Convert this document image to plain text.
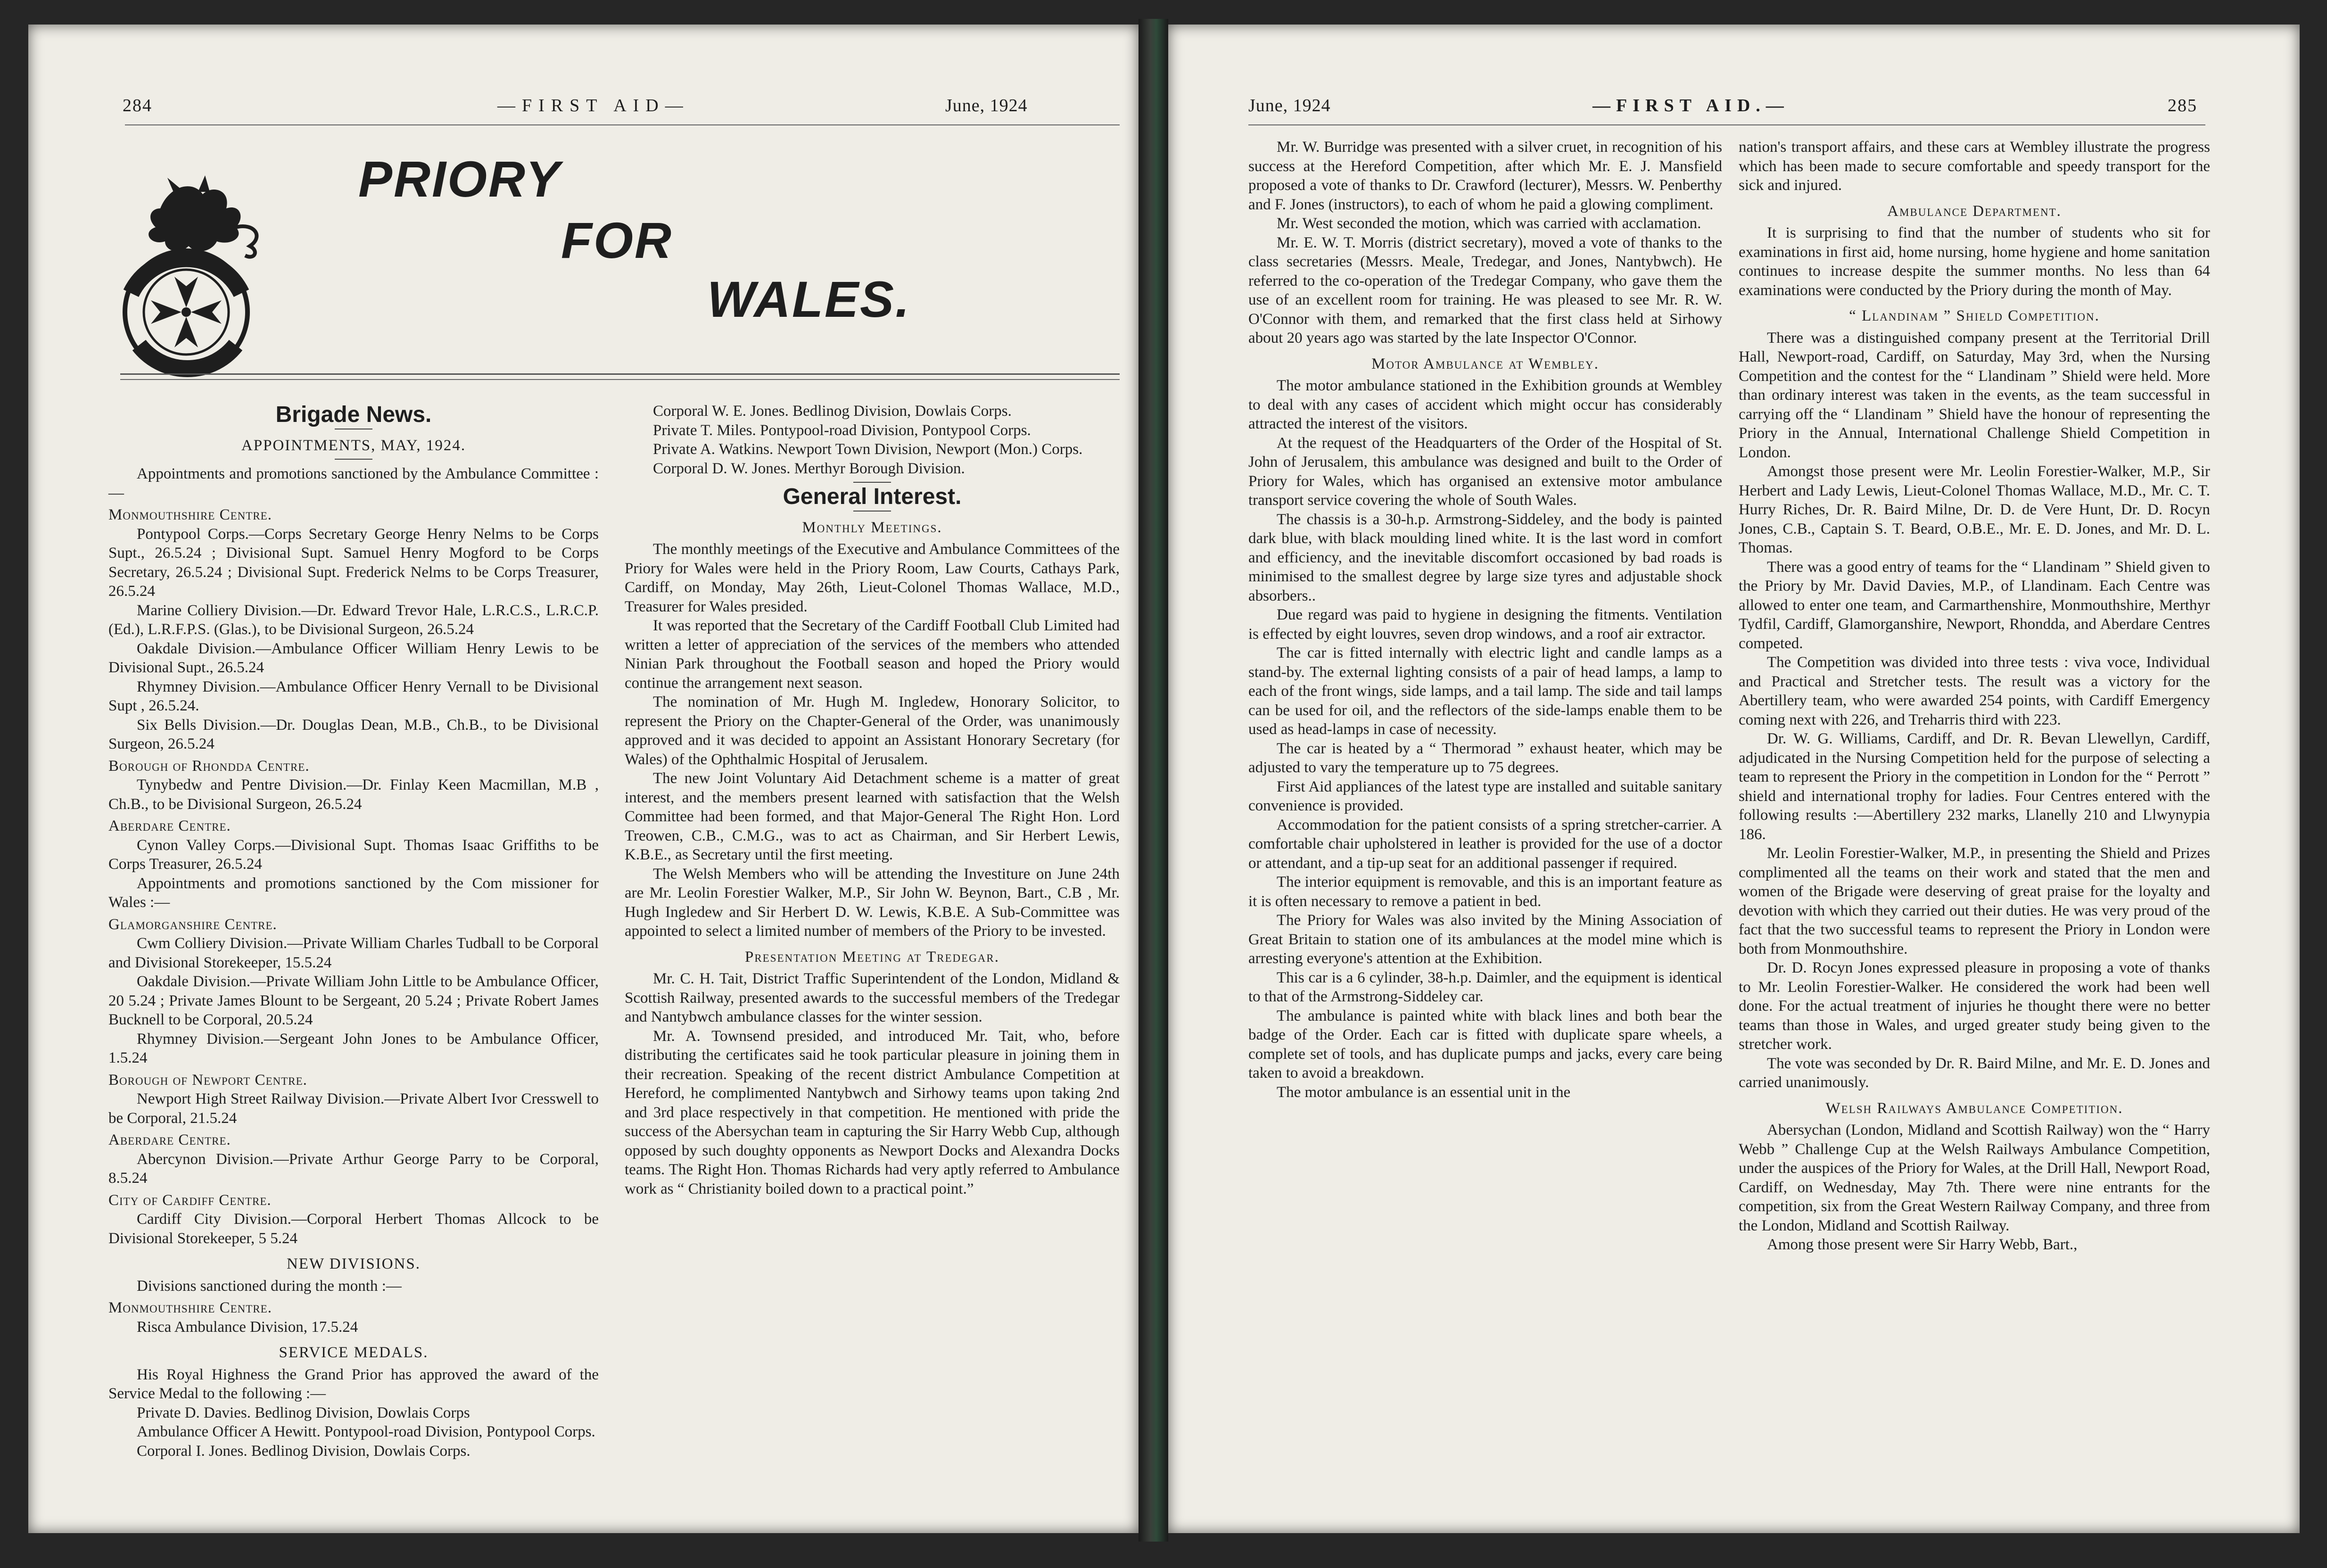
284	—FIRST AID—	June, 1924
PRIORY
FOR
WALES.

Brigade News.

APPOINTMENTS, MAY, 1924.

Appointments and promotions sanctioned by the Ambulance Committee :—

Monmouthshire Centre.

Pontypool Corps.—Corps Secretary George Henry Nelms to be Corps Supt., 26.5.24 ; Divisional Supt. Samuel Henry Mogford to be Corps Secretary, 26.5.24 ; Divisional Supt. Frederick Nelms to be Corps Treasurer, 26.5.24

Marine Colliery Division.—Dr. Edward Trevor Hale, L.R.C.S., L.R.C.P. (Ed.), L.R.F.P.S. (Glas.), to be Divisional Surgeon, 26.5.24

Oakdale Division.—Ambulance Officer William Henry Lewis to be Divisional Supt., 26.5.24

Rhymney Division.—Ambulance Officer Henry Vernall to be Divisional Supt , 26.5.24.

Six Bells Division.—Dr. Douglas Dean, M.B., Ch.B., to be Divisional Surgeon, 26.5.24

Borough of Rhondda Centre.

Tynybedw and Pentre Division.—Dr. Finlay Keen Macmillan, M.B , Ch.B., to be Divisional Surgeon, 26.5.24

Aberdare Centre.

Cynon Valley Corps.—Divisional Supt. Thomas Isaac Griffiths to be Corps Treasurer, 26.5.24

Appointments and promotions sanctioned by the Com missioner for Wales :—

Glamorganshire Centre.

Cwm Colliery Division.—Private William Charles Tudball to be Corporal and Divisional Storekeeper, 15.5.24

Oakdale Division.—Private William John Little to be Ambulance Officer, 20 5.24 ; Private James Blount to be Sergeant, 20 5.24 ; Private Robert James Bucknell to be Corporal, 20.5.24

Rhymney Division.—Sergeant John Jones to be Ambulance Officer, 1.5.24

Borough of Newport Centre.

Newport High Street Railway Division.—Private Albert Ivor Cresswell to be Corporal, 21.5.24

Aberdare Centre.

Abercynon Division.—Private Arthur George Parry to be Corporal, 8.5.24

City of Cardiff Centre.

Cardiff City Division.—Corporal Herbert Thomas Allcock to be Divisional Storekeeper, 5 5.24

NEW DIVISIONS.

Divisions sanctioned during the month :—

Monmouthshire Centre.

Risca Ambulance Division, 17.5.24

SERVICE MEDALS.

His Royal Highness the Grand Prior has approved the award of the Service Medal to the following :—

Private D. Davies. Bedlinog Division, Dowlais Corps

Ambulance Officer A Hewitt. Pontypool-road Division, Pontypool Corps.

Corporal I. Jones. Bedlinog Division, Dowlais Corps.

Corporal W. E. Jones. Bedlinog Division, Dowlais Corps.

Private T. Miles. Pontypool-road Division, Pontypool Corps.

Private A. Watkins. Newport Town Division, Newport (Mon.) Corps.

Corporal D. W. Jones. Merthyr Borough Division.

General Interest.

Monthly Meetings.

The monthly meetings of the Executive and Ambulance Committees of the Priory for Wales were held in the Priory Room, Law Courts, Cathays Park, Cardiff, on Monday, May 26th, Lieut-Colonel Thomas Wallace, M.D., Treasurer for Wales presided.

It was reported that the Secretary of the Cardiff Football Club Limited had written a letter of appreciation of the services of the members who attended Ninian Park throughout the Football season and hoped the Priory would continue the arrangement next season.

The nomination of Mr. Hugh M. Ingledew, Honorary Solicitor, to represent the Priory on the Chapter-General of the Order, was unanimously approved and it was decided to appoint an Assistant Honorary Secretary (for Wales) of the Ophthalmic Hospital of Jerusalem.

The new Joint Voluntary Aid Detachment scheme is a matter of great interest, and the members present learned with satisfaction that the Welsh Committee had been formed, and that Major-General The Right Hon. Lord Treowen, C.B., C.M.G., was to act as Chairman, and Sir Herbert Lewis, K.B.E., as Secretary until the first meeting.

The Welsh Members who will be attending the Investiture on June 24th are Mr. Leolin Forestier Walker, M.P., Sir John W. Beynon, Bart., C.B , Mr. Hugh Ingledew and Sir Herbert D. W. Lewis, K.B.E. A Sub-Committee was appointed to select a limited number of members of the Priory to be invested.

Presentation Meeting at Tredegar.

Mr. C. H. Tait, District Traffic Superintendent of the London, Midland & Scottish Railway, presented awards to the successful members of the Tredegar and Nantybwch ambulance classes for the winter session.

Mr. A. Townsend presided, and introduced Mr. Tait, who, before distributing the certificates said he took particular pleasure in joining them in their recreation. Speaking of the recent district Ambulance Competition at Hereford, he complimented Nantybwch and Sirhowy teams upon taking 2nd and 3rd place respectively in that competition. He mentioned with pride the success of the Abersychan team in capturing the Sir Harry Webb Cup, although opposed by such doughty opponents as Newport Docks and Alexandra Docks teams. The Right Hon. Thomas Richards had very aptly referred to Ambulance work as “ Christianity boiled down to a practical point.”

June, 1924	—FIRST AID.—	285

Mr. W. Burridge was presented with a silver cruet, in recognition of his success at the Hereford Competition, after which Mr. E. J. Mansfield proposed a vote of thanks to Dr. Crawford (lecturer), Messrs. W. Penberthy and F. Jones (instructors), to each of whom he paid a glowing compliment.

Mr. West seconded the motion, which was carried with acclamation.

Mr. E. W. T. Morris (district secretary), moved a vote of thanks to the class secretaries (Messrs. Meale, Tredegar, and Jones, Nantybwch). He referred to the co-operation of the Tredegar Company, who gave them the use of an excellent room for training. He was pleased to see Mr. R. W. O'Connor with them, and remarked that the first class held at Sirhowy about 20 years ago was started by the late Inspector O'Connor.

Motor Ambulance at Wembley.

The motor ambulance stationed in the Exhibition grounds at Wembley to deal with any cases of accident which might occur has considerably attracted the interest of the visitors.

At the request of the Headquarters of the Order of the Hospital of St. John of Jerusalem, this ambulance was designed and built to the Order of Priory for Wales, which has organised an extensive motor ambulance transport service covering the whole of South Wales.

The chassis is a 30-h.p. Armstrong-Siddeley, and the body is painted dark blue, with black moulding lined white. It is the last word in comfort and efficiency, and the inevitable discomfort occasioned by bad roads is minimised to the smallest degree by large size tyres and adjustable shock absorbers..

Due regard was paid to hygiene in designing the fitments. Ventilation is effected by eight louvres, seven drop windows, and a roof air extractor.

The car is fitted internally with electric light and candle lamps as a stand-by. The external lighting consists of a pair of head lamps, a lamp to each of the front wings, side lamps, and a tail lamp. The side and tail lamps can be used for oil, and the reflectors of the side-lamps enable them to be used as head-lamps in case of necessity.

The car is heated by a “ Thermorad ” exhaust heater, which may be adjusted to vary the temperature up to 75 degrees.

First Aid appliances of the latest type are installed and suitable sanitary convenience is provided.

Accommodation for the patient consists of a spring stretcher-carrier. A comfortable chair upholstered in leather is provided for the use of a doctor or attendant, and a tip-up seat for an additional passenger if required.

The interior equipment is removable, and this is an important feature as it is often necessary to remove a patient in bed.

The Priory for Wales was also invited by the Mining Association of Great Britain to station one of its ambulances at the model mine which is arresting everyone's attention at the Exhibition.

This car is a 6 cylinder, 38-h.p. Daimler, and the equipment is identical to that of the Armstrong-Siddeley car.

The ambulance is painted white with black lines and both bear the badge of the Order. Each car is fitted with duplicate spare wheels, a complete set of tools, and has duplicate pumps and jacks, every care being taken to avoid a breakdown.

The motor ambulance is an essential unit in the

nation's transport affairs, and these cars at Wembley illustrate the progress which has been made to secure comfortable and speedy transport for the sick and injured.

Ambulance Department.

It is surprising to find that the number of students who sit for examinations in first aid, home nursing, home hygiene and home sanitation continues to increase despite the summer months. No less than 64 examinations were conducted by the Priory during the month of May.

“ Llandinam ” Shield Competition.

There was a distinguished company present at the Territorial Drill Hall, Newport-road, Cardiff, on Saturday, May 3rd, when the Nursing Competition and the contest for the “ Llandinam ” Shield were held. More than ordinary interest was taken in the events, as the team successful in carrying off the “ Llandinam ” Shield have the honour of representing the Priory in the Annual, International Challenge Shield Competition in London.

Amongst those present were Mr. Leolin Forestier-Walker, M.P., Sir Herbert and Lady Lewis, Lieut-Colonel Thomas Wallace, M.D., Mr. C. T. Hurry Riches, Dr. R. Baird Milne, Dr. D. de Vere Hunt, Dr. D. Rocyn Jones, C.B., Captain S. T. Beard, O.B.E., Mr. E. D. Jones, and Mr. D. L. Thomas.

There was a good entry of teams for the “ Llandinam ” Shield given to the Priory by Mr. David Davies, M.P., of Llandinam. Each Centre was allowed to enter one team, and Carmarthenshire, Monmouthshire, Merthyr Tydfil, Cardiff, Glamorganshire, Newport, Rhondda, and Aberdare Centres competed.

The Competition was divided into three tests : viva voce, Individual and Practical and Stretcher tests. The result was a victory for the Abertillery team, who were awarded 254 points, with Cardiff Emergency coming next with 226, and Treharris third with 223.

Dr. W. G. Williams, Cardiff, and Dr. R. Bevan Llewellyn, Cardiff, adjudicated in the Nursing Competition held for the purpose of selecting a team to represent the Priory in the competition in London for the “ Perrott ” shield and international trophy for ladies. Four Centres entered with the following results :—Abertillery 232 marks, Llanelly 210 and Llwynypia 186.

Mr. Leolin Forestier-Walker, M.P., in presenting the Shield and Prizes complimented all the teams on their work and stated that the men and women of the Brigade were deserving of great praise for the loyalty and devotion with which they carried out their duties. He was very proud of the fact that the two successful teams to represent the Priory in London were both from Monmouthshire.

Dr. D. Rocyn Jones expressed pleasure in proposing a vote of thanks to Mr. Leolin Forestier-Walker. He considered the work had been well done. For the actual treatment of injuries he thought there were no better teams than those in Wales, and urged greater study being given to the stretcher work.

The vote was seconded by Dr. R. Baird Milne, and Mr. E. D. Jones and carried unanimously.

Welsh Railways Ambulance Competition.

Abersychan (London, Midland and Scottish Railway) won the “ Harry Webb ” Challenge Cup at the Welsh Railways Ambulance Competition, under the auspices of the Priory for Wales, at the Drill Hall, Newport Road, Cardiff, on Wednesday, May 7th. There were nine entrants for the competition, six from the Great Western Railway Company, and three from the London, Midland and Scottish Railway.

Among those present were Sir Harry Webb, Bart.,
